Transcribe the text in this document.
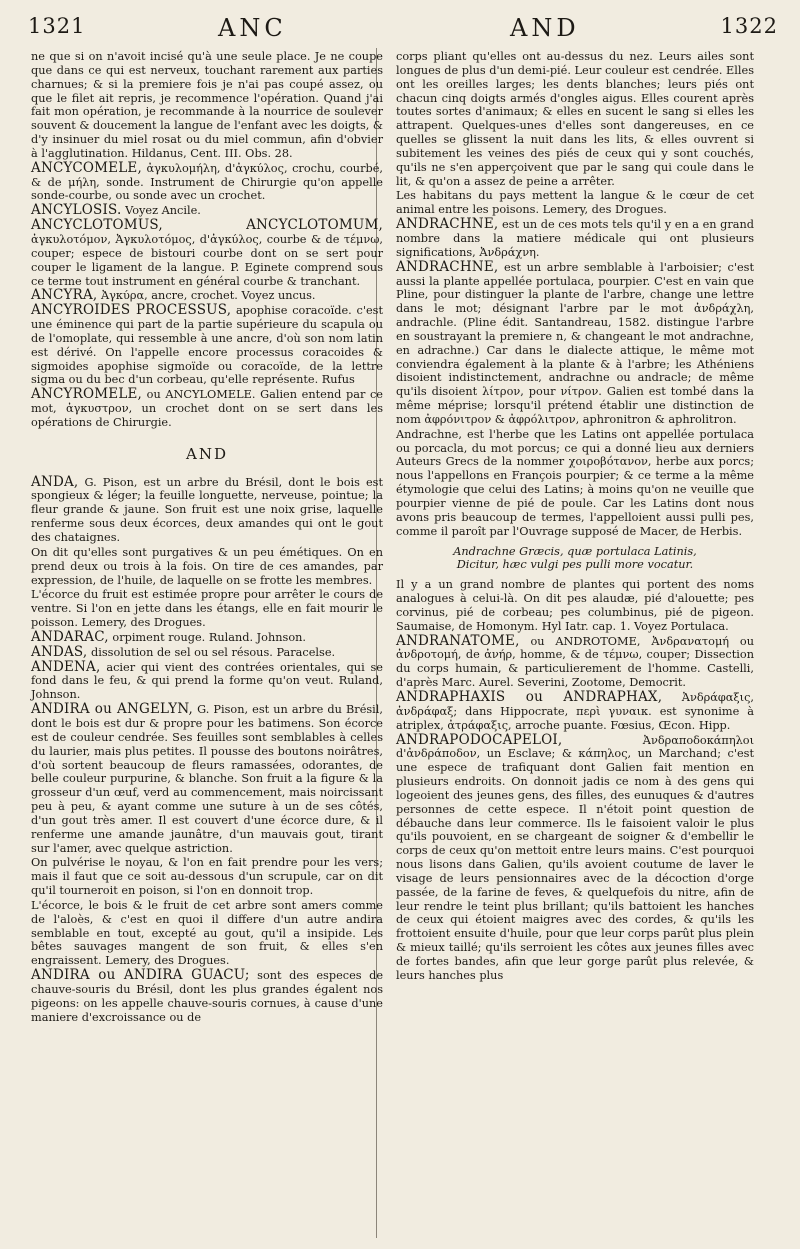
1321	ANC	AND	1322

ne que si on n'avoit incisé qu'à une seule place. Je ne coupe que dans ce qui est nerveux, touchant rarement aux parties charnues; & si la premiere fois je n'ai pas coupé assez, ou que le filet ait repris, je recommence l'opération. Quand j'ai fait mon opération, je recommande à la nourrice de soulever souvent & doucement la langue de l'enfant avec les doigts, & d'y insinuer du miel rosat ou du miel commun, afin d'obvier à l'agglutination. Hildanus, Cent. III. Obs. 28.

ANCYCOMELE, ἀγκυλομήλη, d'ἀγκύλος, crochu, courbé, & de μήλη, sonde. Instrument de Chirurgie qu'on appelle sonde-courbe, ou sonde avec un crochet.

ANCYLOSIS. Voyez Ancile.

ANCYCLOTOMUS, ANCYCLOTOMUM, ἀγκυλοτόμον, Ἀγκυλοτόμος, d'ἀγκύλος, courbe & de τέμνω, couper; espece de bistouri courbe dont on se sert pour couper le ligament de la langue. P. Eginete comprend sous ce terme tout instrument en général courbe & tranchant.

ANCYRA, Ἀγκύρα, ancre, crochet. Voyez uncus.

ANCYROIDES PROCESSUS, apophise coracoïde. c'est une éminence qui part de la partie supérieure du scapula ou de l'omoplate, qui ressemble à une ancre, d'où son nom latin est dérivé. On l'appelle encore processus coracoides & sigmoides apophise sigmoïde ou coracoïde, de la lettre sigma ou du bec d'un corbeau, qu'elle représente. Rufus

ANCYROMELE, ou ANCYLOMELE. Galien entend par ce mot, ἀγκυστρον, un crochet dont on se sert dans les opérations de Chirurgie.

AND

ANDA, G. Pison, est un arbre du Brésil, dont le bois est spongieux & léger; la feuille longuette, nerveuse, pointue; la fleur grande & jaune. Son fruit est une noix grise, laquelle renferme sous deux écorces, deux amandes qui ont le gout des chataignes.

On dit qu'elles sont purgatives & un peu émétiques. On en prend deux ou trois à la fois. On tire de ces amandes, par expression, de l'huile, de laquelle on se frotte les membres.

L'écorce du fruit est estimée propre pour arrêter le cours de ventre. Si l'on en jette dans les étangs, elle en fait mourir le poisson. Lemery, des Drogues.

ANDARAC, orpiment rouge. Ruland. Johnson.

ANDAS, dissolution de sel ou sel résous. Paracelse.

ANDENA, acier qui vient des contrées orientales, qui se fond dans le feu, & qui prend la forme qu'on veut. Ruland, Johnson.

ANDIRA ou ANGELYN, G. Pison, est un arbre du Brésil, dont le bois est dur & propre pour les batimens. Son écorce est de couleur cendrée. Ses feuilles sont semblables à celles du laurier, mais plus petites. Il pousse des boutons noirâtres, d'où sortent beaucoup de fleurs ramassées, odorantes, de belle couleur purpurine, & blanche. Son fruit a la figure & la grosseur d'un œuf, verd au commencement, mais noircissant peu à peu, & ayant comme une suture à un de ses côtés, d'un gout très amer. Il est couvert d'une écorce dure, & il renferme une amande jaunâtre, d'un mauvais gout, tirant sur l'amer, avec quelque astriction.

On pulvérise le noyau, & l'on en fait prendre pour les vers; mais il faut que ce soit au-dessous d'un scrupule, car on dit qu'il tourneroit en poison, si l'on en donnoit trop.

L'écorce, le bois & le fruit de cet arbre sont amers comme de l'aloès, & c'est en quoi il differe d'un autre andira semblable en tout, excepté au gout, qu'il a insipide. Les bêtes sauvages mangent de son fruit, & elles s'en engraissent. Lemery, des Drogues.

ANDIRA ou ANDIRA GUACU; sont des especes de chauve-souris du Brésil, dont les plus grandes égalent nos pigeons: on les appelle chauve-souris cornues, à cause d'une maniere d'excroissance ou de

corps pliant qu'elles ont au-dessus du nez. Leurs ailes sont longues de plus d'un demi-pié. Leur couleur est cendrée. Elles ont les oreilles larges; les dents blanches; leurs piés ont chacun cinq doigts armés d'ongles aigus. Elles courent après toutes sortes d'animaux; & elles en sucent le sang si elles les attrapent. Quelques-unes d'elles sont dangereuses, en ce quelles se glissent la nuit dans les lits, & elles ouvrent si subitement les veines des piés de ceux qui y sont couchés, qu'ils ne s'en apperçoivent que par le sang qui coule dans le lit, & qu'on a assez de peine a arrêter.

Les habitans du pays mettent la langue & le cœur de cet animal entre les poisons. Lemery, des Drogues.

ANDRACHNE, est un de ces mots tels qu'il y en a en grand nombre dans la matiere médicale qui ont plusieurs significations, Ἀνδράχνη.

ANDRACHNE, est un arbre semblable à l'arboisier; c'est aussi la plante appellée portulaca, pourpier. C'est en vain que Pline, pour distinguer la plante de l'arbre, change une lettre dans le mot; désignant l'arbre par le mot ἀνδράχλη, andrachle. (Pline édit. Santandreau, 1582. distingue l'arbre en soustrayant la premiere n, & changeant le mot andrachne, en adrachne.) Car dans le dialecte attique, le même mot conviendra également à la plante & à l'arbre; les Athéniens disoient indistinctement, andrachne ou andracle; de même qu'ils disoient λίτρον, pour νίτρον. Galien est tombé dans la même méprise; lorsqu'il prétend établir une distinction de nom ἀφρόνιτρον & ἀφρόλιτρον, aphronitron & aphrolitron.

Andrachne, est l'herbe que les Latins ont appellée portulaca ou porcacla, du mot porcus; ce qui a donné lieu aux derniers Auteurs Grecs de la nommer χοιροβότανον, herbe aux porcs; nous l'appellons en François pourpier; & ce terme a la même étymologie que celui des Latins; à moins qu'on ne veuille que pourpier vienne de pié de poule. Car les Latins dont nous avons pris beaucoup de termes, l'appelloient aussi pulli pes, comme il paroît par l'Ouvrage supposé de Macer, de Herbis.

Andrachne Græcis, quæ portulaca Latinis,
Dicitur, hæc vulgi pes pulli more vocatur.

Il y a un grand nombre de plantes qui portent des noms analogues à celui-là. On dit pes alaudæ, pié d'alouette; pes corvinus, pié de corbeau; pes columbinus, pié de pigeon. Saumaise, de Homonym. Hyl Iatr. cap. 1. Voyez Portulaca.

ANDRANATOME, ou ANDROTOME, Ἀνδρανατομή ou ἀνδροτομή, de ἀνήρ, homme, & de τέμνω, couper; Dissection du corps humain, & particulierement de l'homme. Castelli, d'après Marc. Aurel. Severini, Zootome, Democrit.

ANDRAPHAXIS ou ANDRAPHAX, Ἀνδράφαξις, ἀνδράφαξ; dans Hippocrate, περὶ γυναικ. est synonime à atriplex, ἀτράφαξις, arroche puante. Fœsius, Œcon. Hipp.

ANDRAPODOCAPELOI,	Ἀνδραποδοκάπηλοι d'ἀνδράποδον, un Esclave; & κάπηλος, un Marchand; c'est une espece de trafiquant dont Galien fait mention en plusieurs endroits. On donnoit jadis ce nom à des gens qui logeoient des jeunes gens, des filles, des eunuques & d'autres personnes de cette espece. Il n'étoit point question de débauche dans leur commerce. Ils le faisoient valoir le plus qu'ils pouvoient, en se chargeant de soigner & d'embellir le corps de ceux qu'on mettoit entre leurs mains. C'est pourquoi nous lisons dans Galien, qu'ils avoient coutume de laver le visage de leurs pensionnaires avec de la décoction d'orge passée, de la farine de feves, & quelquefois du nitre, afin de leur rendre le teint plus brillant; qu'ils battoient les hanches de ceux qui étoient maigres avec des cordes, & qu'ils les frottoient ensuite d'huile, pour que leur corps parût plus plein & mieux taillé; qu'ils serroient les côtes aux jeunes filles avec de fortes bandes, afin que leur gorge parût plus relevée, & leurs hanches plus
